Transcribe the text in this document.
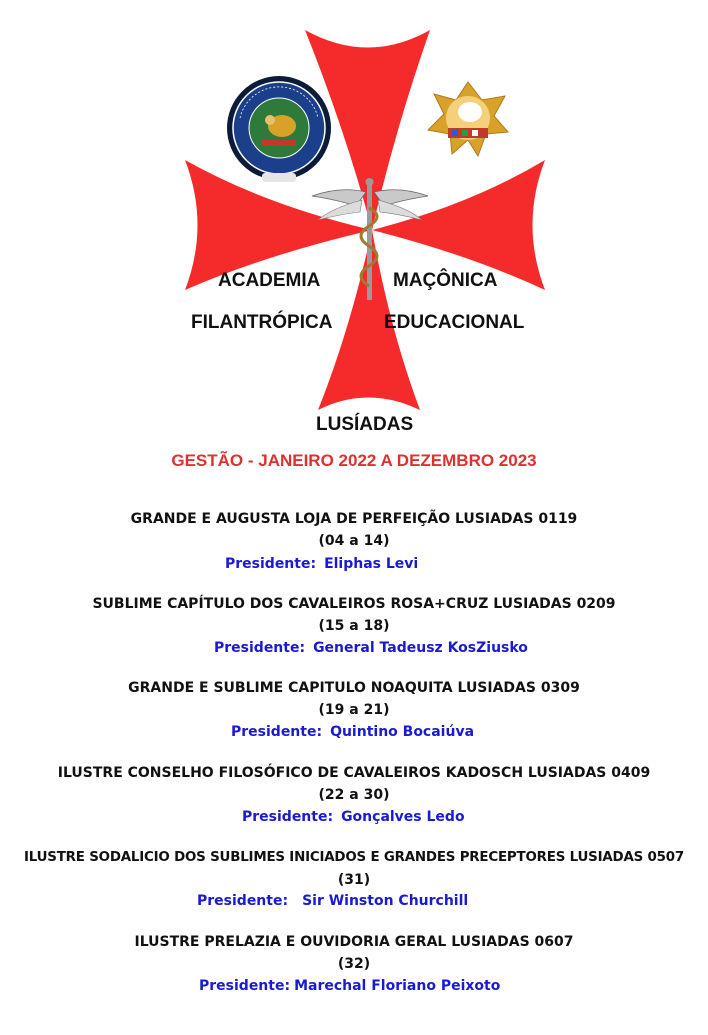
ACADEMIA	MAÇÔNICA
FILANTRÓPICA	EDUCACIONAL
LUSÍADAS
GESTÃO - JANEIRO 2022 A DEZEMBRO 2023
GRANDE E AUGUSTA LOJA DE PERFEIÇÃO LUSIADAS 0119
(04 a 14)
Presidente: Eliphas Levi
SUBLIME CAPÍTULO DOS CAVALEIROS ROSA+CRUZ LUSIADAS 0209
(15 a 18)
Presidente: General Tadeusz KosZiusko
GRANDE E SUBLIME CAPITULO NOAQUITA LUSIADAS 0309
(19 a 21)
Presidente: Quintino Bocaiúva
ILUSTRE CONSELHO FILOSÓFICO DE CAVALEIROS KADOSCH LUSIADAS 0409
(22 a 30)
Presidente: Gonçalves Ledo
ILUSTRE SODALICIO DOS SUBLIMES INICIADOS E GRANDES PRECEPTORES LUSIADAS 0507
(31)
Presidente: Sir Winston Churchill
ILUSTRE PRELAZIA E OUVIDORIA GERAL LUSIADAS 0607
(32)
Presidente: Marechal Floriano Peixoto
